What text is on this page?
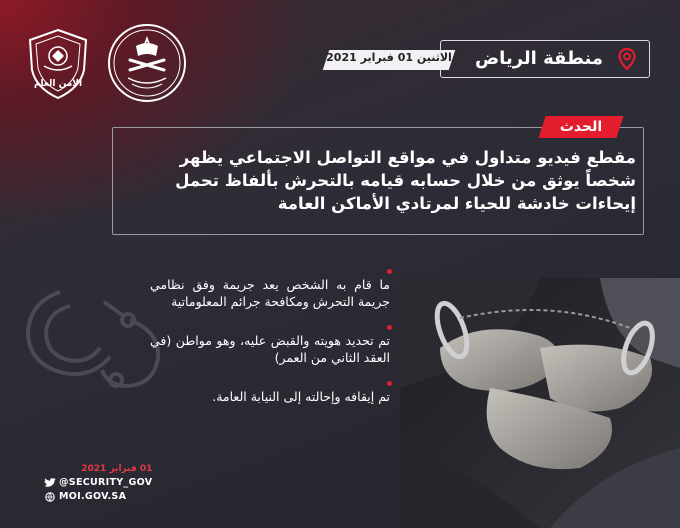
الأمن العام
منطقة الرياض
الاثنين 01 فبراير 2021
الحدث
مقطع فيديو متداول في مواقع التواصل الاجتماعي يظهر شخصاً يوثق من خلال حسابه قيامه بالتحرش بألفاظ تحمل إيحاءات خادشة للحياء لمرتادي الأماكن العامة
ما قام به الشخص يعد جريمة وفق نظامي جريمة التحرش ومكافحة جرائم المعلوماتية
تم تحديد هويته والقبض عليه، وهو مواطن (في العقد الثاني من العمر)
تم إيقافه وإحالته إلى النيابة العامة.
01 فبراير 2021
@SECURITY_GOV
MOI.GOV.SA
